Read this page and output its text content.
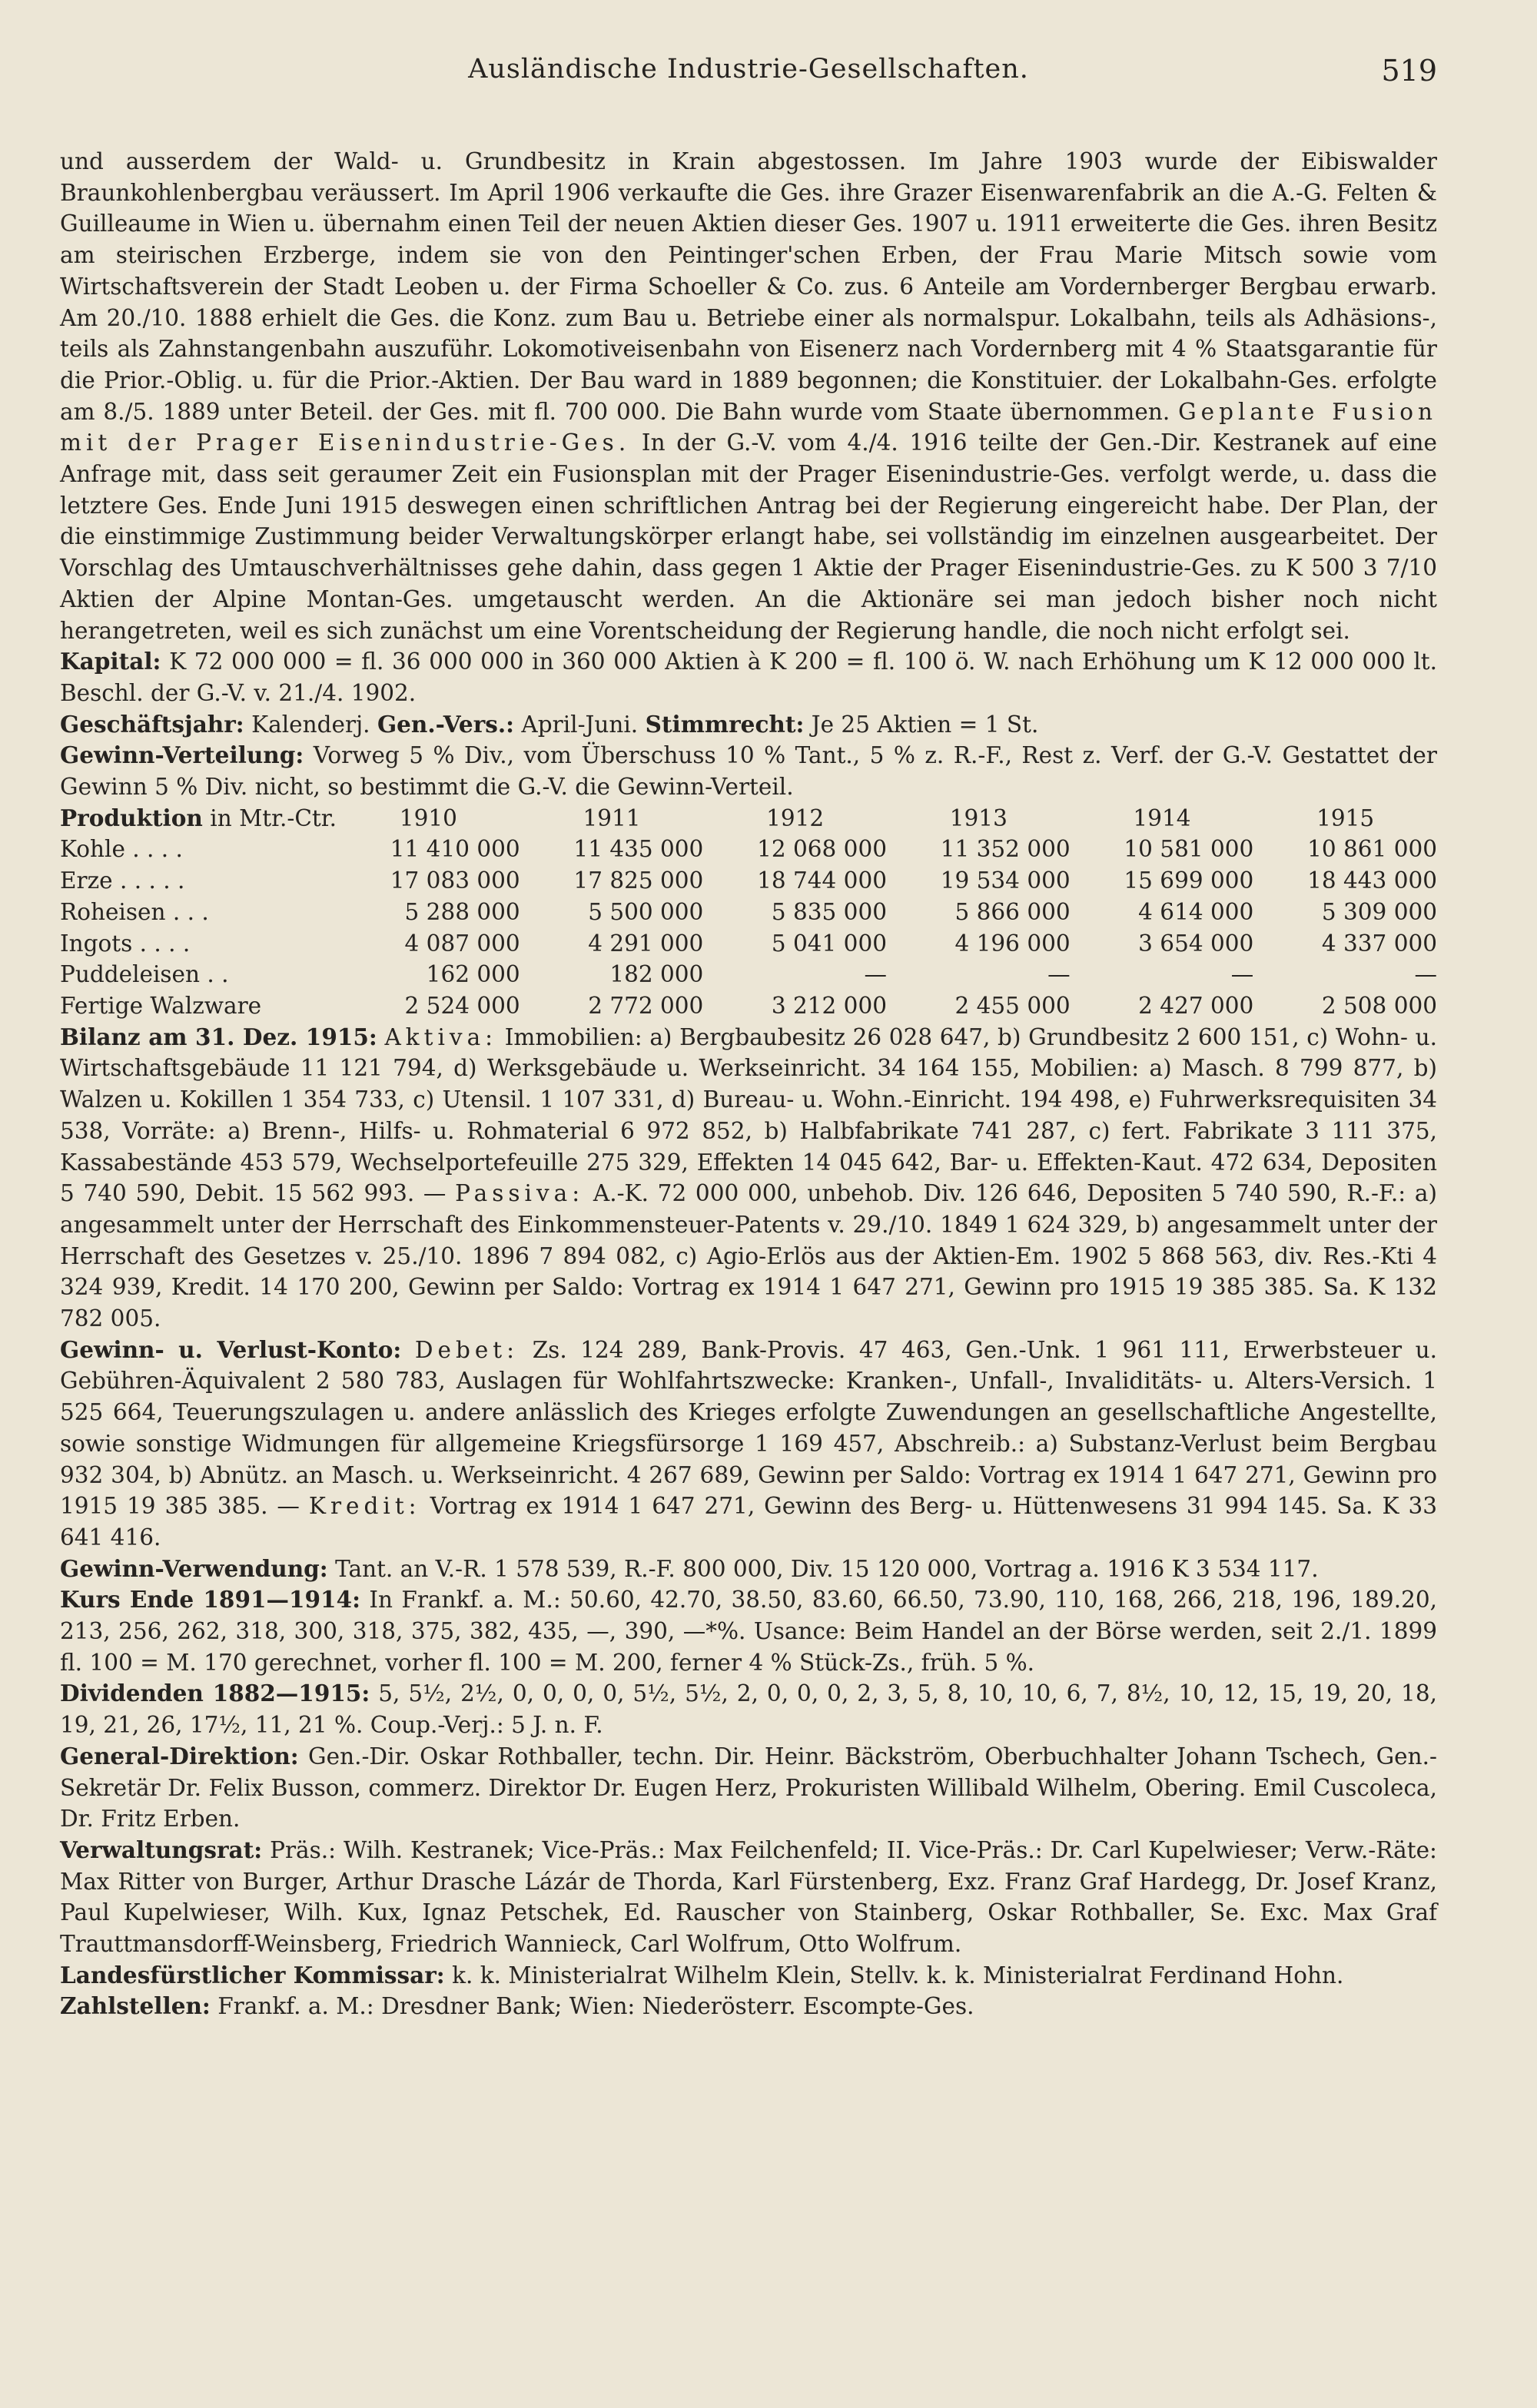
Ausländische Industrie-Gesellschaften.	519

und ausserdem der Wald- u. Grundbesitz in Krain abgestossen. Im Jahre 1903 wurde der Eibiswalder Braunkohlenbergbau veräussert. Im April 1906 verkaufte die Ges. ihre Grazer Eisenwarenfabrik an die A.-G. Felten & Guilleaume in Wien u. übernahm einen Teil der neuen Aktien dieser Ges. 1907 u. 1911 erweiterte die Ges. ihren Besitz am steirischen Erzberge, indem sie von den Peintinger'schen Erben, der Frau Marie Mitsch sowie vom Wirtschaftsverein der Stadt Leoben u. der Firma Schoeller & Co. zus. 6 Anteile am Vordernberger Bergbau erwarb. Am 20./10. 1888 erhielt die Ges. die Konz. zum Bau u. Betriebe einer als normalspur. Lokalbahn, teils als Adhäsions-, teils als Zahnstangenbahn auszuführ. Lokomotiveisenbahn von Eisenerz nach Vordernberg mit 4 % Staatsgarantie für die Prior.-Oblig. u. für die Prior.-Aktien. Der Bau ward in 1889 begonnen; die Konstituier. der Lokalbahn-Ges. erfolgte am 8./5. 1889 unter Beteil. der Ges. mit fl. 700 000. Die Bahn wurde vom Staate übernommen. Geplante Fusion mit der Prager Eisenindustrie-Ges. In der G.-V. vom 4./4. 1916 teilte der Gen.-Dir. Kestranek auf eine Anfrage mit, dass seit geraumer Zeit ein Fusionsplan mit der Prager Eisenindustrie-Ges. verfolgt werde, u. dass die letztere Ges. Ende Juni 1915 deswegen einen schriftlichen Antrag bei der Regierung eingereicht habe. Der Plan, der die einstimmige Zustimmung beider Verwaltungskörper erlangt habe, sei vollständig im einzelnen ausgearbeitet. Der Vorschlag des Umtauschverhältnisses gehe dahin, dass gegen 1 Aktie der Prager Eisenindustrie-Ges. zu K 500 3 7/10 Aktien der Alpine Montan-Ges. umgetauscht werden. An die Aktionäre sei man jedoch bisher noch nicht herangetreten, weil es sich zunächst um eine Vorentscheidung der Regierung handle, die noch nicht erfolgt sei.

Kapital: K 72 000 000 = fl. 36 000 000 in 360 000 Aktien à K 200 = fl. 100 ö. W. nach Erhöhung um K 12 000 000 lt. Beschl. der G.-V. v. 21./4. 1902.

Geschäftsjahr: Kalenderj. Gen.-Vers.: April-Juni. Stimmrecht: Je 25 Aktien = 1 St.

Gewinn-Verteilung: Vorweg 5 % Div., vom Überschuss 10 % Tant., 5 % z. R.-F., Rest z. Verf. der G.-V. Gestattet der Gewinn 5 % Div. nicht, so bestimmt die G.-V. die Gewinn-Verteil.

Produktion in Mtr.-Ctr.	1910	1911	1912	1913	1914	1915
Kohle . . . .	11 410 000	11 435 000	12 068 000	11 352 000	10 581 000	10 861 000
Erze . . . . .	17 083 000	17 825 000	18 744 000	19 534 000	15 699 000	18 443 000
Roheisen . . .	5 288 000	5 500 000	5 835 000	5 866 000	4 614 000	5 309 000
Ingots . . . .	4 087 000	4 291 000	5 041 000	4 196 000	3 654 000	4 337 000
Puddeleisen . .	162 000	182 000	—	—	—	—
Fertige Walzware	2 524 000	2 772 000	3 212 000	2 455 000	2 427 000	2 508 000

Bilanz am 31. Dez. 1915: Aktiva: Immobilien: a) Bergbaubesitz 26 028 647, b) Grundbesitz 2 600 151, c) Wohn- u. Wirtschaftsgebäude 11 121 794, d) Werksgebäude u. Werkseinricht. 34 164 155, Mobilien: a) Masch. 8 799 877, b) Walzen u. Kokillen 1 354 733, c) Utensil. 1 107 331, d) Bureau- u. Wohn.-Einricht. 194 498, e) Fuhrwerksrequisiten 34 538, Vorräte: a) Brenn-, Hilfs- u. Rohmaterial 6 972 852, b) Halbfabrikate 741 287, c) fert. Fabrikate 3 111 375, Kassabestände 453 579, Wechselportefeuille 275 329, Effekten 14 045 642, Bar- u. Effekten-Kaut. 472 634, Depositen 5 740 590, Debit. 15 562 993. — Passiva: A.-K. 72 000 000, unbehob. Div. 126 646, Depositen 5 740 590, R.-F.: a) angesammelt unter der Herrschaft des Einkommensteuer-Patents v. 29./10. 1849 1 624 329, b) angesammelt unter der Herrschaft des Gesetzes v. 25./10. 1896 7 894 082, c) Agio-Erlös aus der Aktien-Em. 1902 5 868 563, div. Res.-Kti 4 324 939, Kredit. 14 170 200, Gewinn per Saldo: Vortrag ex 1914 1 647 271, Gewinn pro 1915 19 385 385. Sa. K 132 782 005.

Gewinn- u. Verlust-Konto: Debet: Zs. 124 289, Bank-Provis. 47 463, Gen.-Unk. 1 961 111, Erwerbsteuer u. Gebühren-Äquivalent 2 580 783, Auslagen für Wohlfahrtszwecke: Kranken-, Unfall-, Invaliditäts- u. Alters-Versich. 1 525 664, Teuerungszulagen u. andere anlässlich des Krieges erfolgte Zuwendungen an gesellschaftliche Angestellte, sowie sonstige Widmungen für allgemeine Kriegsfürsorge 1 169 457, Abschreib.: a) Substanz-Verlust beim Bergbau 932 304, b) Abnütz. an Masch. u. Werkseinricht. 4 267 689, Gewinn per Saldo: Vortrag ex 1914 1 647 271, Gewinn pro 1915 19 385 385. — Kredit: Vortrag ex 1914 1 647 271, Gewinn des Berg- u. Hüttenwesens 31 994 145. Sa. K 33 641 416.

Gewinn-Verwendung: Tant. an V.-R. 1 578 539, R.-F. 800 000, Div. 15 120 000, Vortrag a. 1916 K 3 534 117.

Kurs Ende 1891—1914: In Frankf. a. M.: 50.60, 42.70, 38.50, 83.60, 66.50, 73.90, 110, 168, 266, 218, 196, 189.20, 213, 256, 262, 318, 300, 318, 375, 382, 435, —, 390, —*%. Usance: Beim Handel an der Börse werden, seit 2./1. 1899 fl. 100 = M. 170 gerechnet, vorher fl. 100 = M. 200, ferner 4 % Stück-Zs., früh. 5 %.

Dividenden 1882—1915: 5, 5½, 2½, 0, 0, 0, 0, 5½, 5½, 2, 0, 0, 0, 2, 3, 5, 8, 10, 10, 6, 7, 8½, 10, 12, 15, 19, 20, 18, 19, 21, 26, 17½, 11, 21 %. Coup.-Verj.: 5 J. n. F.

General-Direktion: Gen.-Dir. Oskar Rothballer, techn. Dir. Heinr. Bäckström, Oberbuchhalter Johann Tschech, Gen.-Sekretär Dr. Felix Busson, commerz. Direktor Dr. Eugen Herz, Prokuristen Willibald Wilhelm, Obering. Emil Cuscoleca, Dr. Fritz Erben.

Verwaltungsrat: Präs.: Wilh. Kestranek; Vice-Präs.: Max Feilchenfeld; II. Vice-Präs.: Dr. Carl Kupelwieser; Verw.-Räte: Max Ritter von Burger, Arthur Drasche Lázár de Thorda, Karl Fürstenberg, Exz. Franz Graf Hardegg, Dr. Josef Kranz, Paul Kupelwieser, Wilh. Kux, Ignaz Petschek, Ed. Rauscher von Stainberg, Oskar Rothballer, Se. Exc. Max Graf Trauttmansdorff-Weinsberg, Friedrich Wannieck, Carl Wolfrum, Otto Wolfrum.

Landesfürstlicher Kommissar: k. k. Ministerialrat Wilhelm Klein, Stellv. k. k. Ministerialrat Ferdinand Hohn.

Zahlstellen: Frankf. a. M.: Dresdner Bank; Wien: Niederösterr. Escompte-Ges.
